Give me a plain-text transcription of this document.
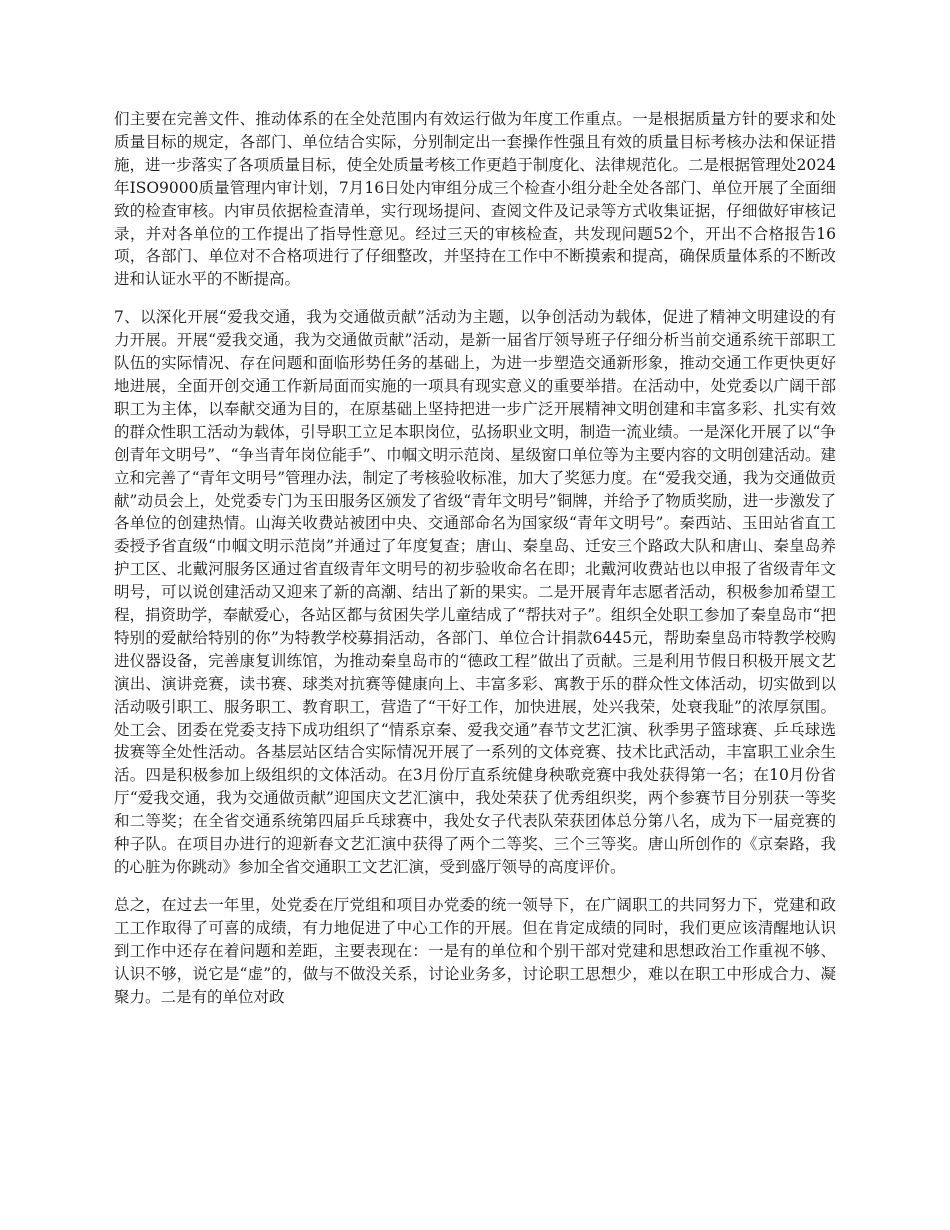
们主要在完善文件、推动体系的在全处范围内有效运行做为年度工作重点。一是根据质量方针的要求和处质量目标的规定，各部门、单位结合实际，分别制定出一套操作性强且有效的质量目标考核办法和保证措施，进一步落实了各项质量目标，使全处质量考核工作更趋于制度化、法律规范化。二是根据管理处2024年ISO9000质量管理内审计划，7月16日处内审组分成三个检查小组分赴全处各部门、单位开展了全面细致的检查审核。内审员依据检查清单，实行现场提问、查阅文件及记录等方式收集证据，仔细做好审核记录，并对各单位的工作提出了指导性意见。经过三天的审核检查，共发现问题52个，开出不合格报告16项，各部门、单位对不合格项进行了仔细整改，并坚持在工作中不断摸索和提高，确保质量体系的不断改进和认证水平的不断提高。

7、以深化开展“爱我交通，我为交通做贡献”活动为主题，以争创活动为载体，促进了精神文明建设的有力开展。开展“爱我交通，我为交通做贡献”活动，是新一届省厅领导班子仔细分析当前交通系统干部职工队伍的实际情况、存在问题和面临形势任务的基础上，为进一步塑造交通新形象，推动交通工作更快更好地进展，全面开创交通工作新局面而实施的一项具有现实意义的重要举措。在活动中，处党委以广阔干部职工为主体，以奉献交通为目的，在原基础上坚持把进一步广泛开展精神文明创建和丰富多彩、扎实有效的群众性职工活动为载体，引导职工立足本职岗位，弘扬职业文明，制造一流业绩。一是深化开展了以“争创青年文明号”、“争当青年岗位能手”、巾帼文明示范岗、星级窗口单位等为主要内容的文明创建活动。建立和完善了“青年文明号”管理办法，制定了考核验收标准，加大了奖惩力度。在“爱我交通，我为交通做贡献”动员会上，处党委专门为玉田服务区颁发了省级“青年文明号”铜牌，并给予了物质奖励，进一步激发了各单位的创建热情。山海关收费站被团中央、交通部命名为国家级“青年文明号”。秦西站、玉田站省直工委授予省直级“巾帼文明示范岗”并通过了年度复查；唐山、秦皇岛、迁安三个路政大队和唐山、秦皇岛养护工区、北戴河服务区通过省直级青年文明号的初步验收命名在即；北戴河收费站也以申报了省级青年文明号，可以说创建活动又迎来了新的高潮、结出了新的果实。二是开展青年志愿者活动，积极参加希望工程，捐资助学，奉献爱心，各站区都与贫困失学儿童结成了“帮扶对子”。组织全处职工参加了秦皇岛市“把特别的爱献给特别的你”为特教学校募捐活动，各部门、单位合计捐款6445元，帮助秦皇岛市特教学校购进仪器设备，完善康复训练馆，为推动秦皇岛市的“德政工程”做出了贡献。三是利用节假日积极开展文艺演出、演讲竞赛，读书赛、球类对抗赛等健康向上、丰富多彩、寓教于乐的群众性文体活动，切实做到以活动吸引职工、服务职工、教育职工，营造了“干好工作，加快进展，处兴我荣，处衰我耻”的浓厚氛围。处工会、团委在党委支持下成功组织了“情系京秦、爱我交通”春节文艺汇演、秋季男子篮球赛、乒乓球选拔赛等全处性活动。各基层站区结合实际情况开展了一系列的文体竞赛、技术比武活动，丰富职工业余生活。四是积极参加上级组织的文体活动。在3月份厅直系统健身秧歌竞赛中我处获得第一名；在10月份省厅“爱我交通，我为交通做贡献”迎国庆文艺汇演中，我处荣获了优秀组织奖，两个参赛节目分别获一等奖和二等奖；在全省交通系统第四届乒乓球赛中，我处女子代表队荣获团体总分第八名，成为下一届竞赛的种子队。在项目办进行的迎新春文艺汇演中获得了两个二等奖、三个三等奖。唐山所创作的《京秦路，我的心脏为你跳动》参加全省交通职工文艺汇演，受到盛厅领导的高度评价。

总之，在过去一年里，处党委在厅党组和项目办党委的统一领导下，在广阔职工的共同努力下，党建和政工工作取得了可喜的成绩，有力地促进了中心工作的开展。但在肯定成绩的同时，我们更应该清醒地认识到工作中还存在着问题和差距，主要表现在：一是有的单位和个别干部对党建和思想政治工作重视不够、认识不够，说它是“虚”的，做与不做没关系，讨论业务多，讨论职工思想少，难以在职工中形成合力、凝聚力。二是有的单位对政
